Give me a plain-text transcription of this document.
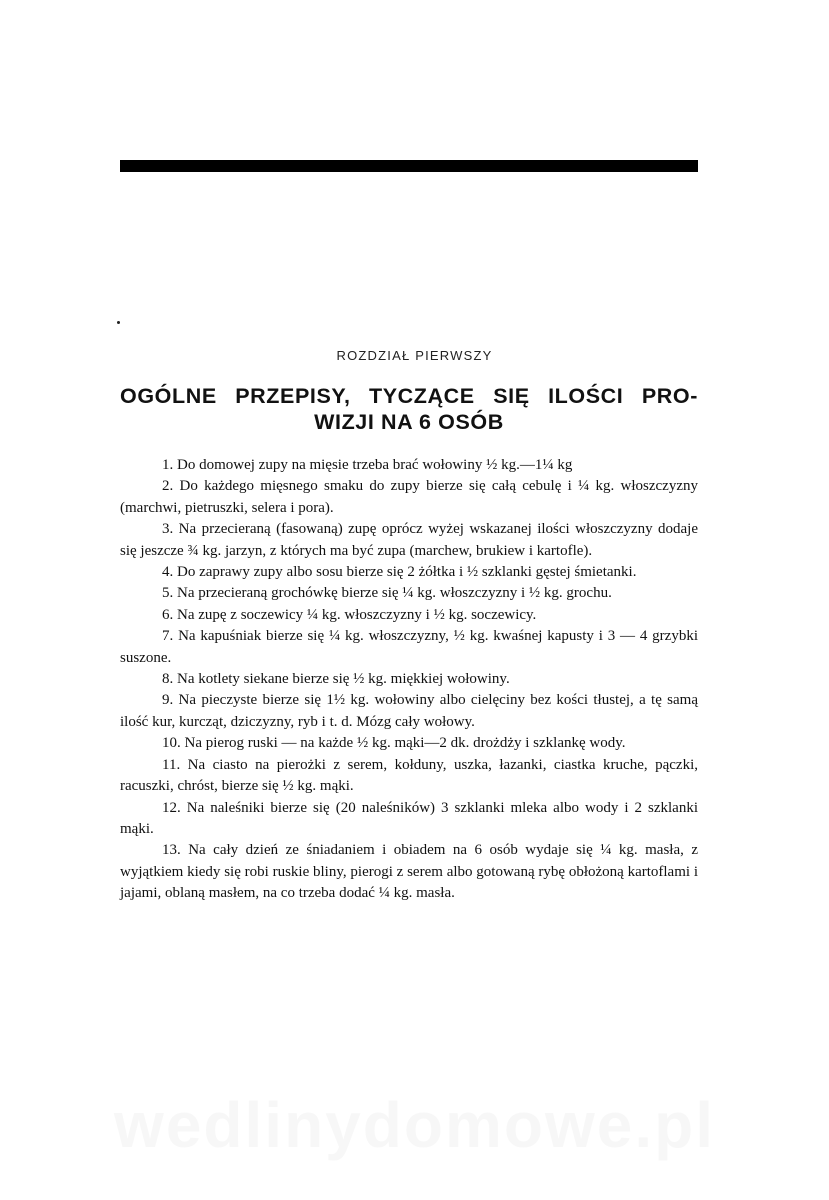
ROZDZIAŁ PIERWSZY
OGÓLNE PRZEPISY, TYCZĄCE SIĘ ILOŚCI PRO-
WIZJI NA 6 OSÓB

1. Do domowej zupy na mięsie trzeba brać wołowiny ½ kg.—1¼ kg

2. Do każdego mięsnego smaku do zupy bierze się całą cebulę i ¼ kg. włoszczyzny (marchwi, pietruszki, selera i pora).

3. Na przecieraną (fasowaną) zupę oprócz wyżej wskazanej ilości włoszczyzny dodaje się jeszcze ¾ kg. jarzyn, z których ma być zupa (marchew, brukiew i kartofle).

4. Do zaprawy zupy albo sosu bierze się 2 żółtka i ½ szklanki gęstej śmietanki.

5. Na przecieraną grochówkę bierze się ¼ kg. włoszczyzny i ½ kg. grochu.

6. Na zupę z soczewicy ¼ kg. włoszczyzny i ½ kg. soczewicy.

7. Na kapuśniak bierze się ¼ kg. włoszczyzny, ½ kg. kwaśnej kapusty i 3 — 4 grzybki suszone.

8. Na kotlety siekane bierze się ½ kg. miękkiej wołowiny.

9. Na pieczyste bierze się 1½ kg. wołowiny albo cielęciny bez kości tłustej, a tę samą ilość kur, kurcząt, dziczyzny, ryb i t. d. Mózg cały wołowy.

10. Na pierog ruski — na każde ½ kg. mąki—2 dk. drożdży i szklankę wody.

11. Na ciasto na pierożki z serem, kołduny, uszka, łazanki, ciastka kruche, pączki, racuszki, chróst, bierze się ½ kg. mąki.

12. Na naleśniki bierze się (20 naleśników) 3 szklanki mleka albo wody i 2 szklanki mąki.

13. Na cały dzień ze śniadaniem i obiadem na 6 osób wydaje się ¼ kg. masła, z wyjątkiem kiedy się robi ruskie bliny, pierogi z serem albo gotowaną rybę obłożoną kartoflami i jajami, oblaną masłem, na co trzeba dodać ¼ kg. masła.

wedlinydomowe.pl
